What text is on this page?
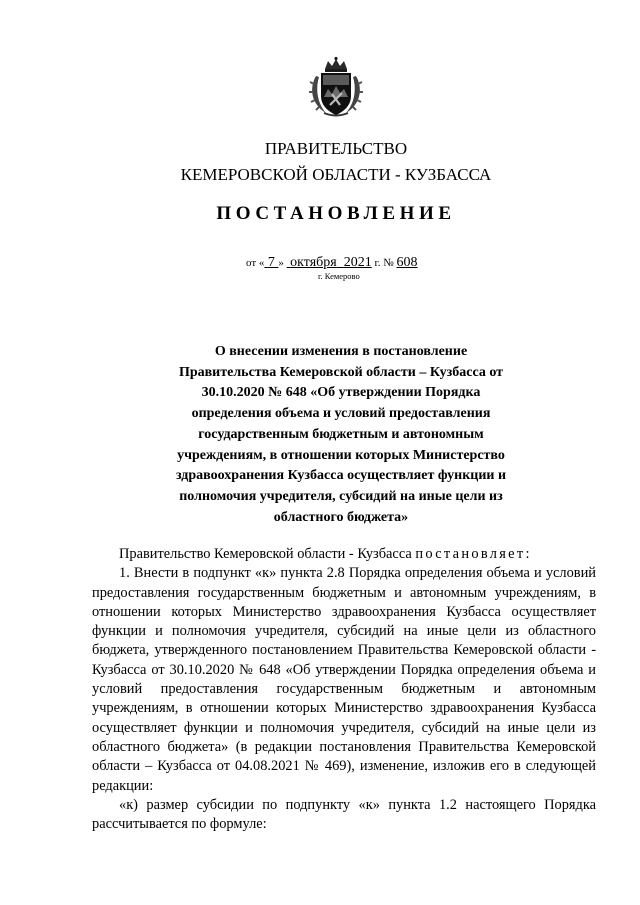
ПРАВИТЕЛЬСТВО
КЕМЕРОВСКОЙ ОБЛАСТИ - КУЗБАССА
ПОСТАНОВЛЕНИЕ
от « 7 » октября 2021 г. № 608
г. Кемерово
О внесении изменения в постановление Правительства Кемеровской области – Кузбасса от 30.10.2020 № 648 «Об утверждении Порядка определения объема и условий предоставления государственным бюджетным и автономным учреждениям, в отношении которых Министерство здравоохранения Кузбасса осуществляет функции и полномочия учредителя, субсидий на иные цели из областного бюджета»

Правительство Кемеровской области - Кузбасса постановляет:

1. Внести в подпункт «к» пункта 2.8 Порядка определения объема и условий предоставления государственным бюджетным и автономным учреждениям, в отношении которых Министерство здравоохранения Кузбасса осуществляет функции и полномочия учредителя, субсидий на иные цели из областного бюджета, утвержденного постановлением Правительства Кемеровской области - Кузбасса от 30.10.2020 № 648 «Об утверждении Порядка определения объема и условий предоставления государственным бюджетным и автономным учреждениям, в отношении которых Министерство здравоохранения Кузбасса осуществляет функции и полномочия учредителя, субсидий на иные цели из областного бюджета» (в редакции постановления Правительства Кемеровской области – Кузбасса от 04.08.2021 № 469), изменение, изложив его в следующей редакции:

«к) размер субсидии по подпункту «к» пункта 1.2 настоящего Порядка рассчитывается по формуле:
